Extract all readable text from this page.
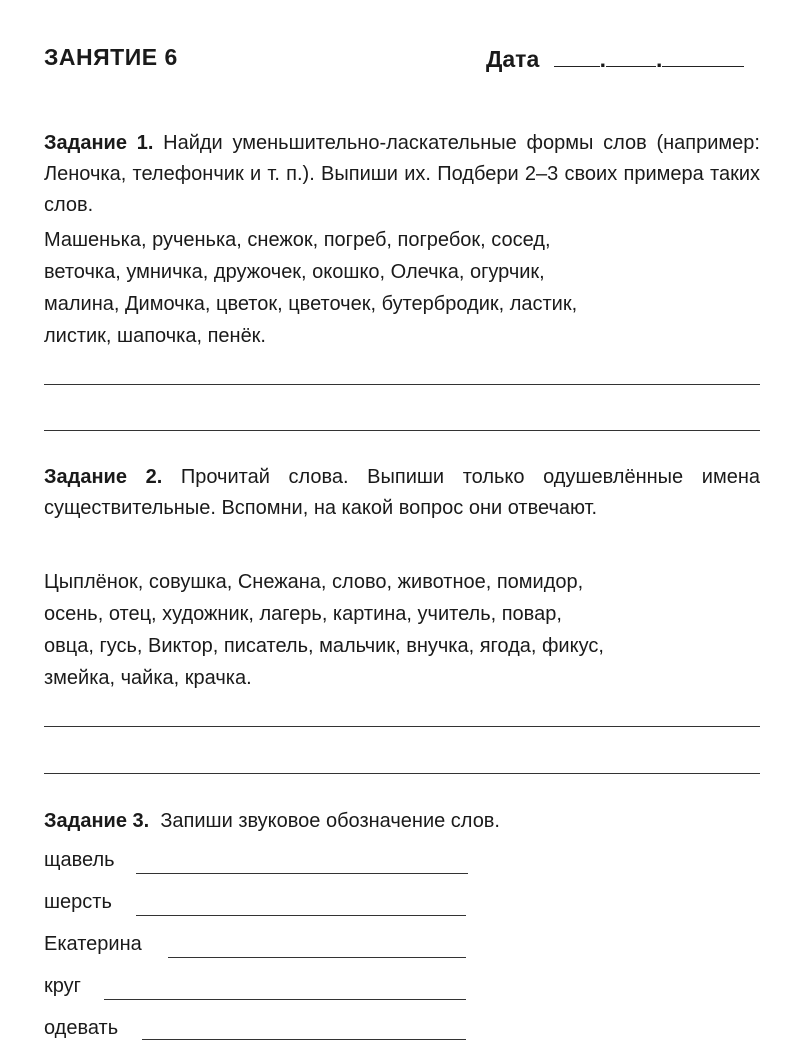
ЗАНЯТИЕ 6	Дата	. .
Задание 1. Найди уменьшительно-ласкательные формы слов (например: Леночка, телефончик и т. п.). Выпиши их. Подбери 2–3 своих примера таких слов.
Машенька, рученька, снежок, погреб, погребок, сосед,
веточка, умничка, дружочек, окошко, Олечка, огурчик,
малина, Димочка, цветок, цветочек, бутербродик, ластик,
листик, шапочка, пенёк.
Задание 2. Прочитай слова. Выпиши только одушевлённые имена существительные. Вспомни, на какой вопрос они отвечают.
Цыплёнок, совушка, Снежана, слово, животное, помидор,
осень, отец, художник, лагерь, картина, учитель, повар,
овца, гусь, Виктор, писатель, мальчик, внучка, ягода, фикус,
змейка, чайка, крачка.
Задание 3. Запиши звуковое обозначение слов.
щавель
шерсть
Екатерина
круг
одевать
